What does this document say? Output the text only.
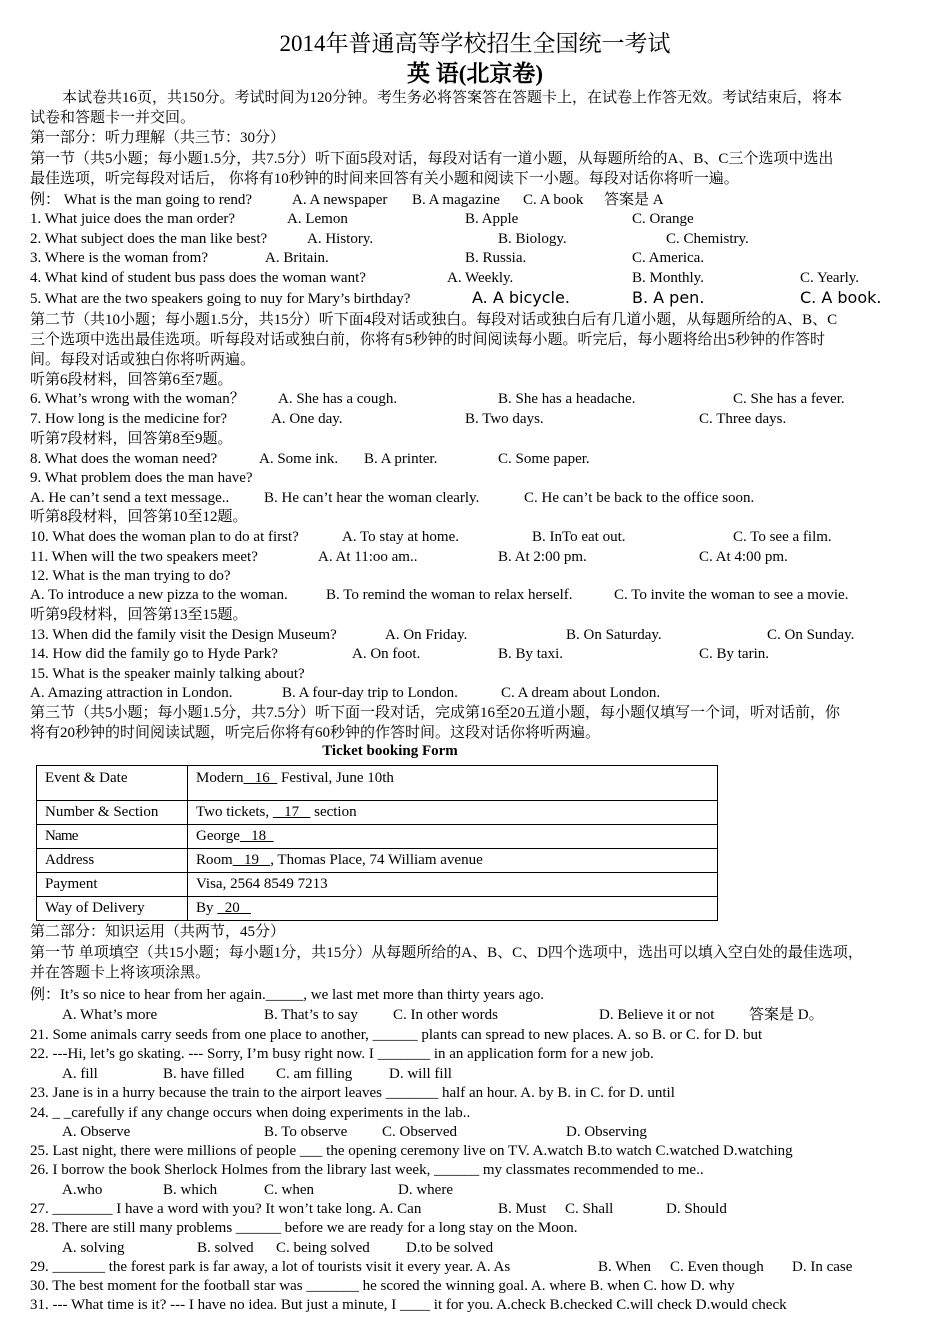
2014年普通高等学校招生全国统一考试
英 语(北京卷)
本试卷共16页，共150分。考试时间为120分钟。考生务必将答案答在答题卡上，在试卷上作答无效。考试结束后，将本
试卷和答题卡一并交回。
第一部分：听力理解（共三节：30分）
第一节（共5小题；每小题1.5分，共7.5分）听下面5段对话，每段对话有一道小题，从每题所给的A、B、C三个选项中选出
最佳选项，听完每段对话后， 你将有10秒钟的时间来回答有关小题和阅读下一小题。每段对话你将听一遍。
例： What is the man going to rend?	A. A newspaper B. A magazine C. A book 答案是 A
1. What juice does the man order?	A. Lemon	B. Apple	C. Orange
2. What subject does the man like best?	A. History.	B. Biology.	C. Chemistry.
3. Where is the woman from?	A. Britain.	B. Russia.	C. America.
4. What kind of student bus pass does the woman want?	A. Weekly.	B. Monthly.	C. Yearly.
5. What are the two speakers going to nuy for Mary’s birthday?	A. A bicycle.	B. A pen.	C. A book.
第二节（共10小题；每小题1.5分，共15分）听下面4段对话或独白。每段对话或独白后有几道小题，从每题所给的A、B、C
三个选项中选出最佳选项。听每段对话或独白前，你将有5秒钟的时间阅读每小题。听完后，每小题将给出5秒钟的作答时
间。每段对话或独白你将听两遍。
听第6段材料，回答第6至7题。
6. What’s wrong with the woman？ A. She has a cough.	B. She has a headache.	C. She has a fever.
7. How long is the medicine for?	A. One day.	B. Two days.	C. Three days.
听第7段材料，回答第8至9题。
8. What does the woman need?	A. Some ink. B. A printer.	C. Some paper.
9. What problem does the man have?
A. He can’t send a text message.. B. He can’t hear the woman clearly.	C. He can’t be back to the office soon.
听第8段材料，回答第10至12题。
10. What does the woman plan to do at first?	A. To stay at home.	B. InTo eat out.	C. To see a film.
11. When will the two speakers meet?	A. At 11:oo am..	B. At 2:00 pm.	C. At 4:00 pm.
12. What is the man trying to do?
A. To introduce a new pizza to the woman.	B. To remind the woman to relax herself.	C. To invite the woman to see a movie.
听第9段材料，回答第13至15题。
13. When did the family visit the Design Museum?	A. On Friday.	B. On Saturday.	C. On Sunday.
14. How did the family go to Hyde Park?	A. On foot.	B. By taxi.	C. By tarin.
15. What is the speaker mainly talking about?
A. Amazing attraction in London.	B. A four-day trip to London.	C. A dream about London.
第三节（共5小题；每小题1.5分，共7.5分）听下面一段对话，完成第16至20五道小题，每小题仅填写一个词，听对话前，你
将有20秒钟的时间阅读试题，听完后你将有60秒钟的作答时间。这段对话你将听两遍。
Ticket booking Form
Event & Date	Modern   16   Festival, June 10th
Number & Section	Two tickets,    17    section
Name	George   18
Address	Room   19   , Thomas Place, 74 William avenue
Payment	Visa, 2564 8549 7213
Way of Delivery	By   20
第二部分：知识运用（共两节，45分）
第一节 单项填空（共15小题；每小题1分，共15分）从每题所给的A、B、C、D四个选项中，选出可以填入空白处的最佳选项，
并在答题卡上将该项涂黑。
例：It’s so nice to hear from her again._____, we last met more than thirty years ago.
A. What’s more	B. That’s to say C. In other words	D. Believe it or not 答案是 D。
21. Some animals carry seeds from one place to another, ______ plants can spread to new places. A. so B. or C. for D. but
22. ---Hi, let’s go skating. --- Sorry, I’m busy right now. I _______ in an application form for a new job.
A. fill	B. have filled C. am filling D. will fill
23. Jane is in a hurry because the train to the airport leaves _______ half an hour. A. by B. in C. for D. until
24. _ _carefully if any change occurs when doing experiments in the lab..
A. Observe	B. To observe C. Observed	D. Observing
25. Last night, there were millions of people ___ the opening ceremony live on TV. A.watch B.to watch C.watched D.watching
26. I borrow the book Sherlock Holmes from the library last week, ______ my classmates recommended to me..
A.who	B. which	C. when	D. where
27. ________ I have a word with you? It won’t take long. A. Can	B. Must C. Shall	D. Should
28. There are still many problems ______ before we are ready for a long stay on the Moon.
A. solving	B. solved C. being solved D.to be solved
29. _______ the forest park is far away, a lot of tourists visit it every year. A. As	B. When C. Even though D. In case
30. The best moment for the football star was _______ he scored the winning goal. A. where B. when C. how D. why
31. --- What time is it? --- I have no idea. But just a minute, I ____ it for you. A.check B.checked C.will check D.would check
